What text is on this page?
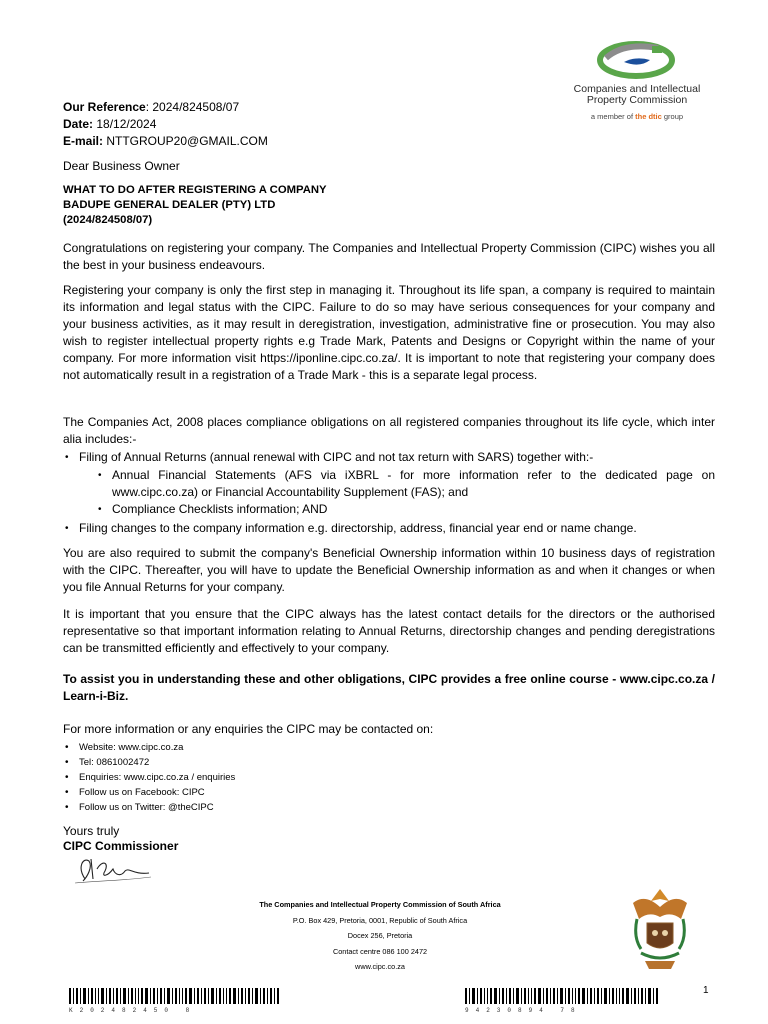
Companies and Intellectual
Property Commission
a member of the dtic group
Our Reference: 2024/824508/07
Date: 18/12/2024
E-mail: NTTGROUP20@GMAIL.COM
Dear Business Owner
WHAT TO DO AFTER REGISTERING A COMPANY
BADUPE GENERAL DEALER (PTY) LTD
(2024/824508/07)
Congratulations on registering your company. The Companies and Intellectual Property Commission (CIPC) wishes you all the best in your business endeavours.
Registering your company is only the first step in managing it. Throughout its life span, a company is required to maintain its information and legal status with the CIPC. Failure to do so may have serious consequences for your company and your business activities, as it may result in deregistration, investigation, administrative fine or prosecution. You may also wish to register intellectual property rights e.g Trade Mark, Patents and Designs or Copyright within the name of your company. For more information visit https://iponline.cipc.co.za/. It is important to note that registering your company does not automatically result in a registration of a Trade Mark - this is a separate legal process.
The Companies Act, 2008 places compliance obligations on all registered companies throughout its life cycle, which inter alia includes:-
• Filing of Annual Returns (annual renewal with CIPC and not tax return with SARS) together with:-
• Annual Financial Statements (AFS via iXBRL - for more information refer to the dedicated page on www.cipc.co.za) or Financial Accountability Supplement (FAS); and
• Compliance Checklists information; AND
• Filing changes to the company information e.g. directorship, address, financial year end or name change.
You are also required to submit the company's Beneficial Ownership information within 10 business days of registration with the CIPC. Thereafter, you will have to update the Beneficial Ownership information as and when it changes or when you file Annual Returns for your company.
It is important that you ensure that the CIPC always has the latest contact details for the directors or the authorised representative so that important information relating to Annual Returns, directorship changes and pending deregistrations can be transmitted efficiently and effectively to your company.
To assist you in understanding these and other obligations, CIPC provides a free online course - www.cipc.co.za / Learn-i-Biz.
For more information or any enquiries the CIPC may be contacted on:
• Website: www.cipc.co.za
• Tel: 0861002472
• Enquiries: www.cipc.co.za / enquiries
• Follow us on Facebook: CIPC
• Follow us on Twitter: @theCIPC
Yours truly
CIPC Commissioner
The Companies and Intellectual Property Commission of South Africa
P.O. Box 429, Pretoria, 0001, Republic of South Africa
Docex 256, Pretoria
Contact centre 086 100 2472
www.cipc.co.za
K202482450 8	94230894 78
1
